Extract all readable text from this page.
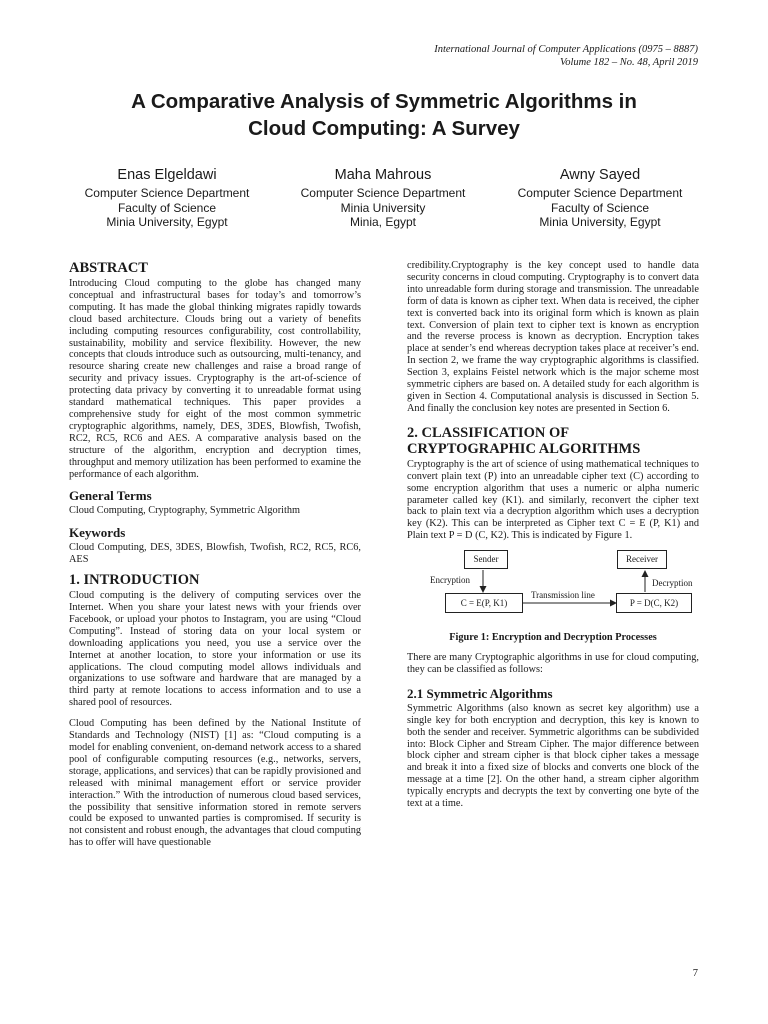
International Journal of Computer Applications (0975 – 8887)
Volume 182 – No. 48, April 2019
A Comparative Analysis of Symmetric Algorithms in
Cloud Computing: A Survey
Enas Elgeldawi
Computer Science Department
Faculty of Science
Minia University, Egypt
Maha Mahrous
Computer Science Department
Minia University
Minia, Egypt
Awny Sayed
Computer Science Department
Faculty of Science
Minia University, Egypt
ABSTRACT

Introducing Cloud computing to the globe has changed many conceptual and infrastructural bases for today’s and tomorrow’s computing. It has made the global thinking migrates rapidly towards cloud based architecture. Clouds bring out a variety of benefits including computing resources configurability, cost controllability, sustainability, mobility and service flexibility. However, the new concepts that clouds introduce such as outsourcing, multi-tenancy, and resource sharing create new challenges and raise a broad range of security and privacy issues. Cryptography is the art-of-science of protecting data privacy by converting it to unreadable format using standard mathematical techniques. This paper provides a comprehensive study for eight of the most common symmetric cryptographic algorithms, namely, DES, 3DES, Blowfish, Twofish, RC2, RC5, RC6 and AES. A comparative analysis based on the structure of the algorithm, encryption and decryption times, throughput and memory utilization has been performed to examine the performance of each algorithm.

General Terms

Cloud Computing, Cryptography, Symmetric Algorithm

Keywords

Cloud Computing, DES, 3DES, Blowfish, Twofish, RC2, RC5, RC6, AES

1. INTRODUCTION

Cloud computing is the delivery of computing services over the Internet. When you share your latest news with your friends over Facebook, or upload your photos to Instagram, you are using “Cloud Computing”. Instead of storing data on your local system or downloading applications you need, you use a service over the Internet at another location, to store your information or use its applications. The cloud computing model allows individuals and organizations to use software and hardware that are managed by a third party at remote locations to access information and to use a shared pool of resources.

Cloud Computing has been defined by the National Institute of Standards and Technology (NIST) [1] as: “Cloud computing is a model for enabling convenient, on-demand network access to a shared pool of configurable computing resources (e.g., networks, servers, storage, applications, and services) that can be rapidly provisioned and released with minimal management effort or service provider interaction.” With the introduction of numerous cloud based services, the possibility that sensitive information stored in remote servers could be exposed to unwanted parties is compromised. If security is not consistent and robust enough, the advantages that cloud computing has to offer will have questionable

credibility.Cryptography is the key concept used to handle data security concerns in cloud computing. Cryptography is to convert data into unreadable form during storage and transmission. The unreadable form of data is known as cipher text. When data is received, the cipher text is converted back into its original form which is known as plain text. Conversion of plain text to cipher text is known as encryption and the reverse process is known as decryption. Encryption takes place at sender’s end whereas decryption takes place at receiver’s end. In section 2, we frame the way cryptographic algorithms is classified. Section 3, explains Feistel network which is the major scheme most symmetric ciphers are based on. A detailed study for each algorithm is given in Section 4. Computational analysis is discussed in Section 5. And finally the conclusion key notes are presented in Section 6.

2. CLASSIFICATION OF
CRYPTOGRAPHIC ALGORITHMS

Cryptography is the art of science of using mathematical techniques to convert plain text (P) into an unreadable cipher text (C) according to some encryption algorithm that uses a numeric or alpha numeric parameter called key (K1). and similarly, reconvert the cipher text back to plain text via a decryption algorithm which uses a decryption key (K2). This can be interpreted as Cipher text C = E (P, K1) and Plain text P = D (C, K2). This is indicated by Figure 1.

Sender	Receiver
C = E(P, K1)	P = D(C, K2)
Encryption	Decryption
Transmission line
Figure 1: Encryption and Decryption Processes

There are many Cryptographic algorithms in use for cloud computing, they can be classified as follows:

2.1 Symmetric Algorithms

Symmetric Algorithms (also known as secret key algorithm) use a single key for both encryption and decryption, this key is known to both the sender and receiver. Symmetric algorithms can be subdivided into: Block Cipher and Stream Cipher. The major difference between block cipher and stream cipher is that block cipher takes a message and break it into a fixed size of blocks and converts one block of the message at a time [2]. On the other hand, a stream cipher algorithm typically encrypts and decrypts the text by converting one byte of the text at a time.

7
